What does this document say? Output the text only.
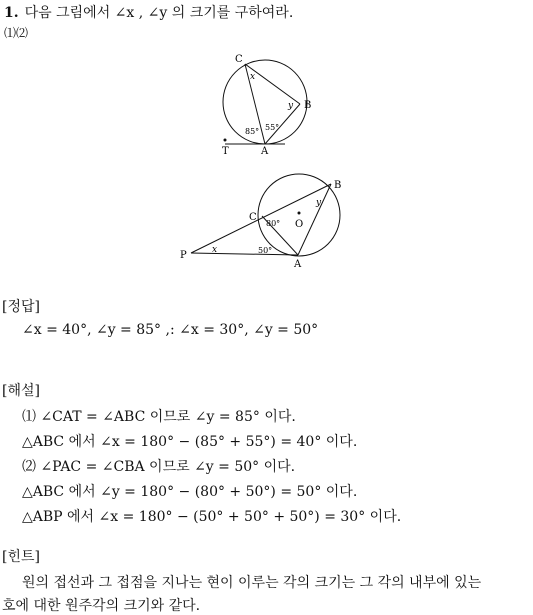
1. 다음 그림에서 ∠x , ∠y 의 크기를 구하여라.
⑴⑵
C
B
A
T
x
y
55°
85°
B
C
O
A
P	x
y
80°
50°
[정답]
∠x = 40°, ∠y = 85° ,: ∠x = 30°, ∠y = 50°
[해설]
⑴ ∠CAT = ∠ABC 이므로 ∠y = 85° 이다.
△ABC 에서 ∠x = 180° − (85° + 55°) = 40° 이다.
⑵ ∠PAC = ∠CBA 이므로 ∠y = 50° 이다.
△ABC 에서 ∠y = 180° − (80° + 50°) = 50° 이다.
△ABP 에서 ∠x = 180° − (50° + 50° + 50°) = 30° 이다.
[힌트]
원의 접선과 그 접점을 지나는 현이 이루는 각의 크기는 그 각의 내부에 있는
호에 대한 원주각의 크기와 같다.
